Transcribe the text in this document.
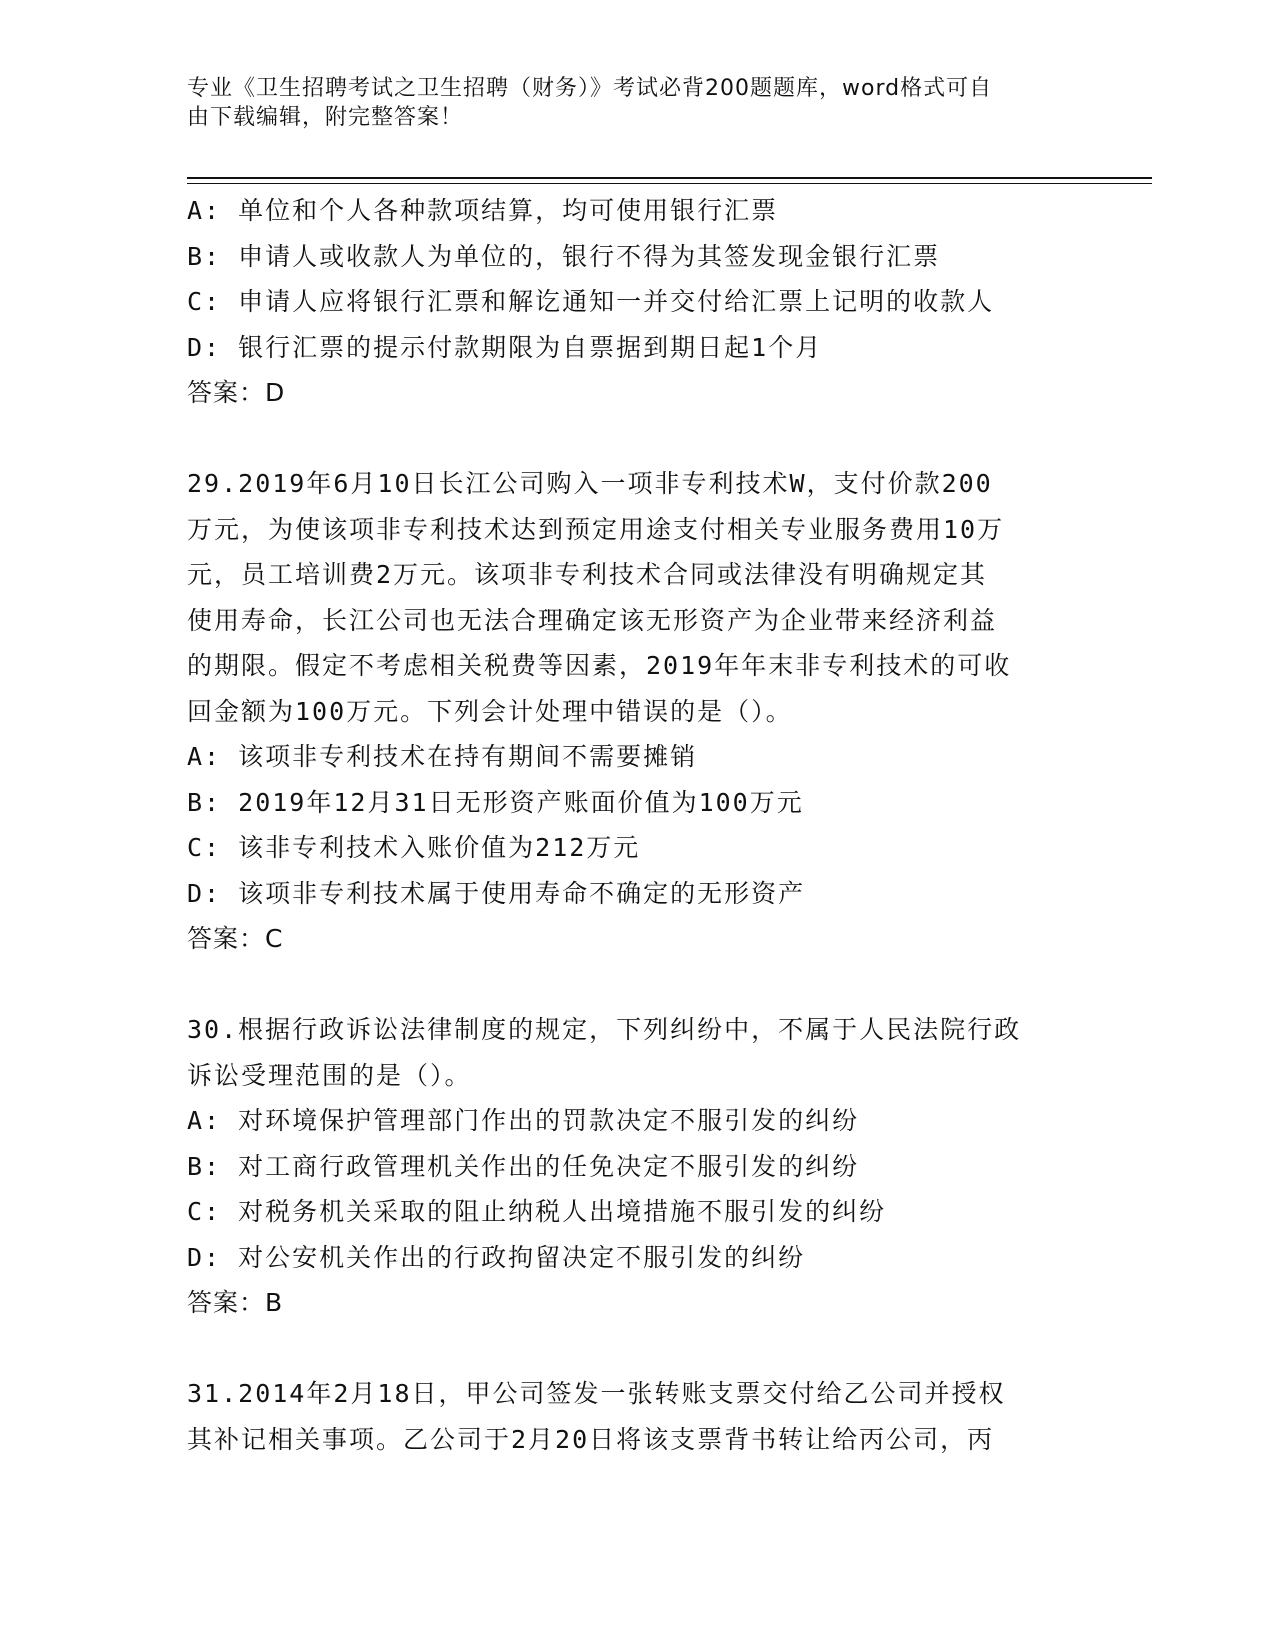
专业《卫生招聘考试之卫生招聘（财务）》考试必背200题题库，word格式可自
由下载编辑，附完整答案！
A: 单位和个人各种款项结算，均可使用银行汇票
B: 申请人或收款人为单位的，银行不得为其签发现金银行汇票
C: 申请人应将银行汇票和解讫通知一并交付给汇票上记明的收款人
D: 银行汇票的提示付款期限为自票据到期日起1个月
答案：D
29.2019年6月10日长江公司购入一项非专利技术W，支付价款200
万元，为使该项非专利技术达到预定用途支付相关专业服务费用10万
元，员工培训费2万元。该项非专利技术合同或法律没有明确规定其
使用寿命，长江公司也无法合理确定该无形资产为企业带来经济利益
的期限。假定不考虑相关税费等因素，2019年年末非专利技术的可收
回金额为100万元。下列会计处理中错误的是（）。
A: 该项非专利技术在持有期间不需要摊销
B: 2019年12月31日无形资产账面价值为100万元
C: 该非专利技术入账价值为212万元
D: 该项非专利技术属于使用寿命不确定的无形资产
答案：C
30.根据行政诉讼法律制度的规定，下列纠纷中，不属于人民法院行政
诉讼受理范围的是（）。
A: 对环境保护管理部门作出的罚款决定不服引发的纠纷
B: 对工商行政管理机关作出的任免决定不服引发的纠纷
C: 对税务机关采取的阻止纳税人出境措施不服引发的纠纷
D: 对公安机关作出的行政拘留决定不服引发的纠纷
答案：B
31.2014年2月18日，甲公司签发一张转账支票交付给乙公司并授权
其补记相关事项。乙公司于2月20日将该支票背书转让给丙公司，丙
